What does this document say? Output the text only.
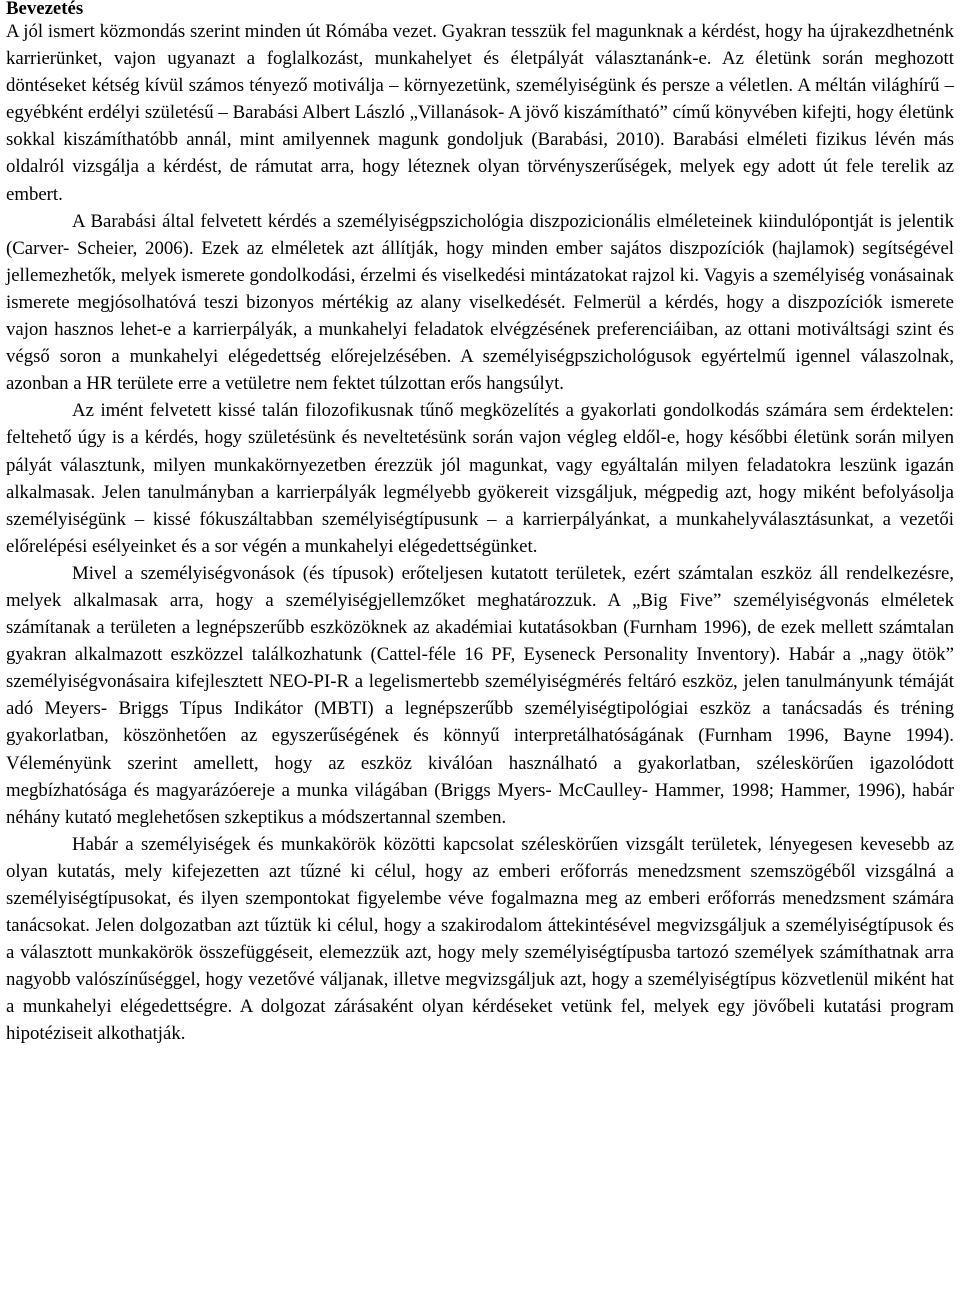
Bevezetés

A jól ismert közmondás szerint minden út Rómába vezet. Gyakran tesszük fel magunknak a kérdést, hogy ha újrakezdhetnénk karrierünket, vajon ugyanazt a foglalkozást, munkahelyet és életpályát választanánk-e. Az életünk során meghozott döntéseket kétség kívül számos tényező motiválja – környezetünk, személyiségünk és persze a véletlen. A méltán világhírű – egyébként erdélyi születésű – Barabási Albert László „Villanások- A jövő kiszámítható” című könyvében kifejti, hogy életünk sokkal kiszámíthatóbb annál, mint amilyennek magunk gondoljuk (Barabási, 2010). Barabási elméleti fizikus lévén más oldalról vizsgálja a kérdést, de rámutat arra, hogy léteznek olyan törvényszerűségek, melyek egy adott út fele terelik az embert.

A Barabási által felvetett kérdés a személyiségpszichológia diszpozicionális elméleteinek kiindulópontját is jelentik (Carver- Scheier, 2006). Ezek az elméletek azt állítják, hogy minden ember sajátos diszpozíciók (hajlamok) segítségével jellemezhetők, melyek ismerete gondolkodási, érzelmi és viselkedési mintázatokat rajzol ki. Vagyis a személyiség vonásainak ismerete megjósolhatóvá teszi bizonyos mértékig az alany viselkedését. Felmerül a kérdés, hogy a diszpozíciók ismerete vajon hasznos lehet-e a karrierpályák, a munkahelyi feladatok elvégzésének preferenciáiban, az ottani motiváltsági szint és végső soron a munkahelyi elégedettség előrejelzésében. A személyiségpszichológusok egyértelmű igennel válaszolnak, azonban a HR területe erre a vetületre nem fektet túlzottan erős hangsúlyt.

Az imént felvetett kissé talán filozofikusnak tűnő megközelítés a gyakorlati gondolkodás számára sem érdektelen: feltehető úgy is a kérdés, hogy születésünk és neveltetésünk során vajon végleg eldől-e, hogy későbbi életünk során milyen pályát választunk, milyen munkakörnyezetben érezzük jól magunkat, vagy egyáltalán milyen feladatokra leszünk igazán alkalmasak. Jelen tanulmányban a karrierpályák legmélyebb gyökereit vizsgáljuk, mégpedig azt, hogy miként befolyásolja személyiségünk – kissé fókuszáltabban személyiségtípusunk – a karrierpályánkat, a munkahelyválasztásunkat, a vezetői előrelépési esélyeinket és a sor végén a munkahelyi elégedettségünket.

Mivel a személyiségvonások (és típusok) erőteljesen kutatott területek, ezért számtalan eszköz áll rendelkezésre, melyek alkalmasak arra, hogy a személyiségjellemzőket meghatározzuk. A „Big Five” személyiségvonás elméletek számítanak a területen a legnépszerűbb eszközöknek az akadémiai kutatásokban (Furnham 1996), de ezek mellett számtalan gyakran alkalmazott eszközzel találkozhatunk (Cattel-féle 16 PF, Eyseneck Personality Inventory). Habár a „nagy ötök” személyiségvonásaira kifejlesztett NEO-PI-R a legelismertebb személyiségmérés feltáró eszköz, jelen tanulmányunk témáját adó Meyers- Briggs Típus Indikátor (MBTI) a legnépszerűbb személyiségtipológiai eszköz a tanácsadás és tréning gyakorlatban, köszönhetően az egyszerűségének és könnyű interpretálhatóságának (Furnham 1996, Bayne 1994). Véleményünk szerint amellett, hogy az eszköz kiválóan használható a gyakorlatban, széleskörűen igazolódott megbízhatósága és magyarázóereje a munka világában (Briggs Myers- McCaulley- Hammer, 1998; Hammer, 1996), habár néhány kutató meglehetősen szkeptikus a módszertannal szemben.

Habár a személyiségek és munkakörök közötti kapcsolat széleskörűen vizsgált területek, lényegesen kevesebb az olyan kutatás, mely kifejezetten azt tűzné ki célul, hogy az emberi erőforrás menedzsment szemszögéből vizsgálná a személyiségtípusokat, és ilyen szempontokat figyelembe véve fogalmazna meg az emberi erőforrás menedzsment számára tanácsokat. Jelen dolgozatban azt tűztük ki célul, hogy a szakirodalom áttekintésével megvizsgáljuk a személyiségtípusok és a választott munkakörök összefüggéseit, elemezzük azt, hogy mely személyiségtípusba tartozó személyek számíthatnak arra nagyobb valószínűséggel, hogy vezetővé váljanak, illetve megvizsgáljuk azt, hogy a személyiségtípus közvetlenül miként hat a munkahelyi elégedettségre. A dolgozat zárásaként olyan kérdéseket vetünk fel, melyek egy jövőbeli kutatási program hipotéziseit alkothatják.
